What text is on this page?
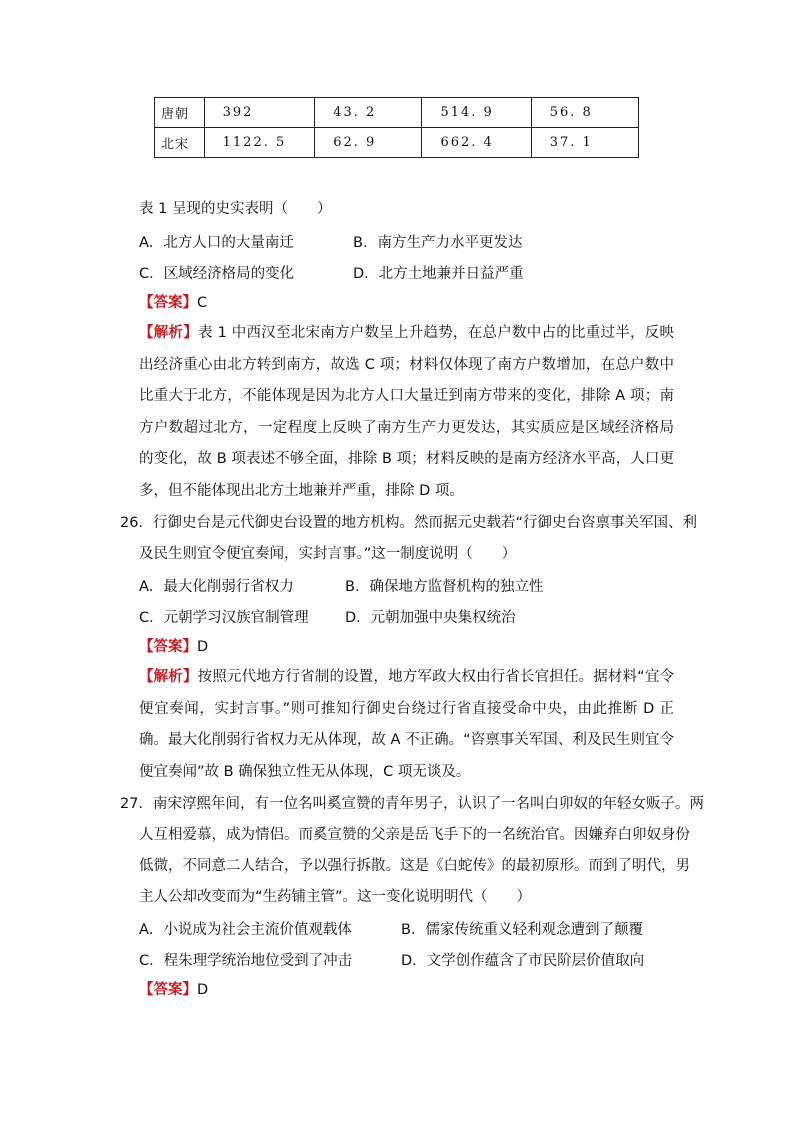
唐朝	392	43. 2	514. 9	56. 8
北宋	1122. 5	62. 9	662. 4	37. 1
表 1 呈现的史实表明（　　）
A．北方人口的大量南迁	B．南方生产力水平更发达
C．区域经济格局的变化	D．北方土地兼并日益严重
【答案】C
【解析】表 1 中西汉至北宋南方户数呈上升趋势，在总户数中占的比重过半，反映出经济重心由北方转到南方，故选 C 项；材料仅体现了南方户数增加，在总户数中比重大于北方，不能体现是因为北方人口大量迁到南方带来的变化，排除 A 项；南方户数超过北方，一定程度上反映了南方生产力更发达，其实质应是区域经济格局的变化，故 B 项表述不够全面，排除 B 项；材料反映的是南方经济水平高，人口更多，但不能体现出北方土地兼并严重，排除 D 项。
26．行御史台是元代御史台设置的地方机构。然而据元史载若“行御史台咨禀事关军国、利
及民生则宜令便宜奏闻，实封言事。”这一制度说明（　　）
A．最大化削弱行省权力	B．确保地方监督机构的独立性
C．元朝学习汉族官制管理	D．元朝加强中央集权统治
【答案】D
【解析】按照元代地方行省制的设置，地方军政大权由行省长官担任。据材料“宜令便宜奏闻，实封言事。”则可推知行御史台绕过行省直接受命中央，由此推断 D 正确。最大化削弱行省权力无从体现，故 A 不正确。“咨禀事关军国、利及民生则宜令便宜奏闻”故 B 确保独立性无从体现，C 项无谈及。
27．南宋淳熙年间，有一位名叫奚宣赞的青年男子，认识了一名叫白卯奴的年轻女贩子。两
人互相爱慕，成为情侣。而奚宣赞的父亲是岳飞手下的一名统治官。因嫌弃白卯奴身份
低微，不同意二人结合，予以强行拆散。这是《白蛇传》的最初原形。而到了明代，男
主人公却改变而为“生药铺主管”。这一变化说明明代（　　）
A．小说成为社会主流价值观载体	B．儒家传统重义轻利观念遭到了颠覆
C．程朱理学统治地位受到了冲击	D．文学创作蕴含了市民阶层价值取向
【答案】D
